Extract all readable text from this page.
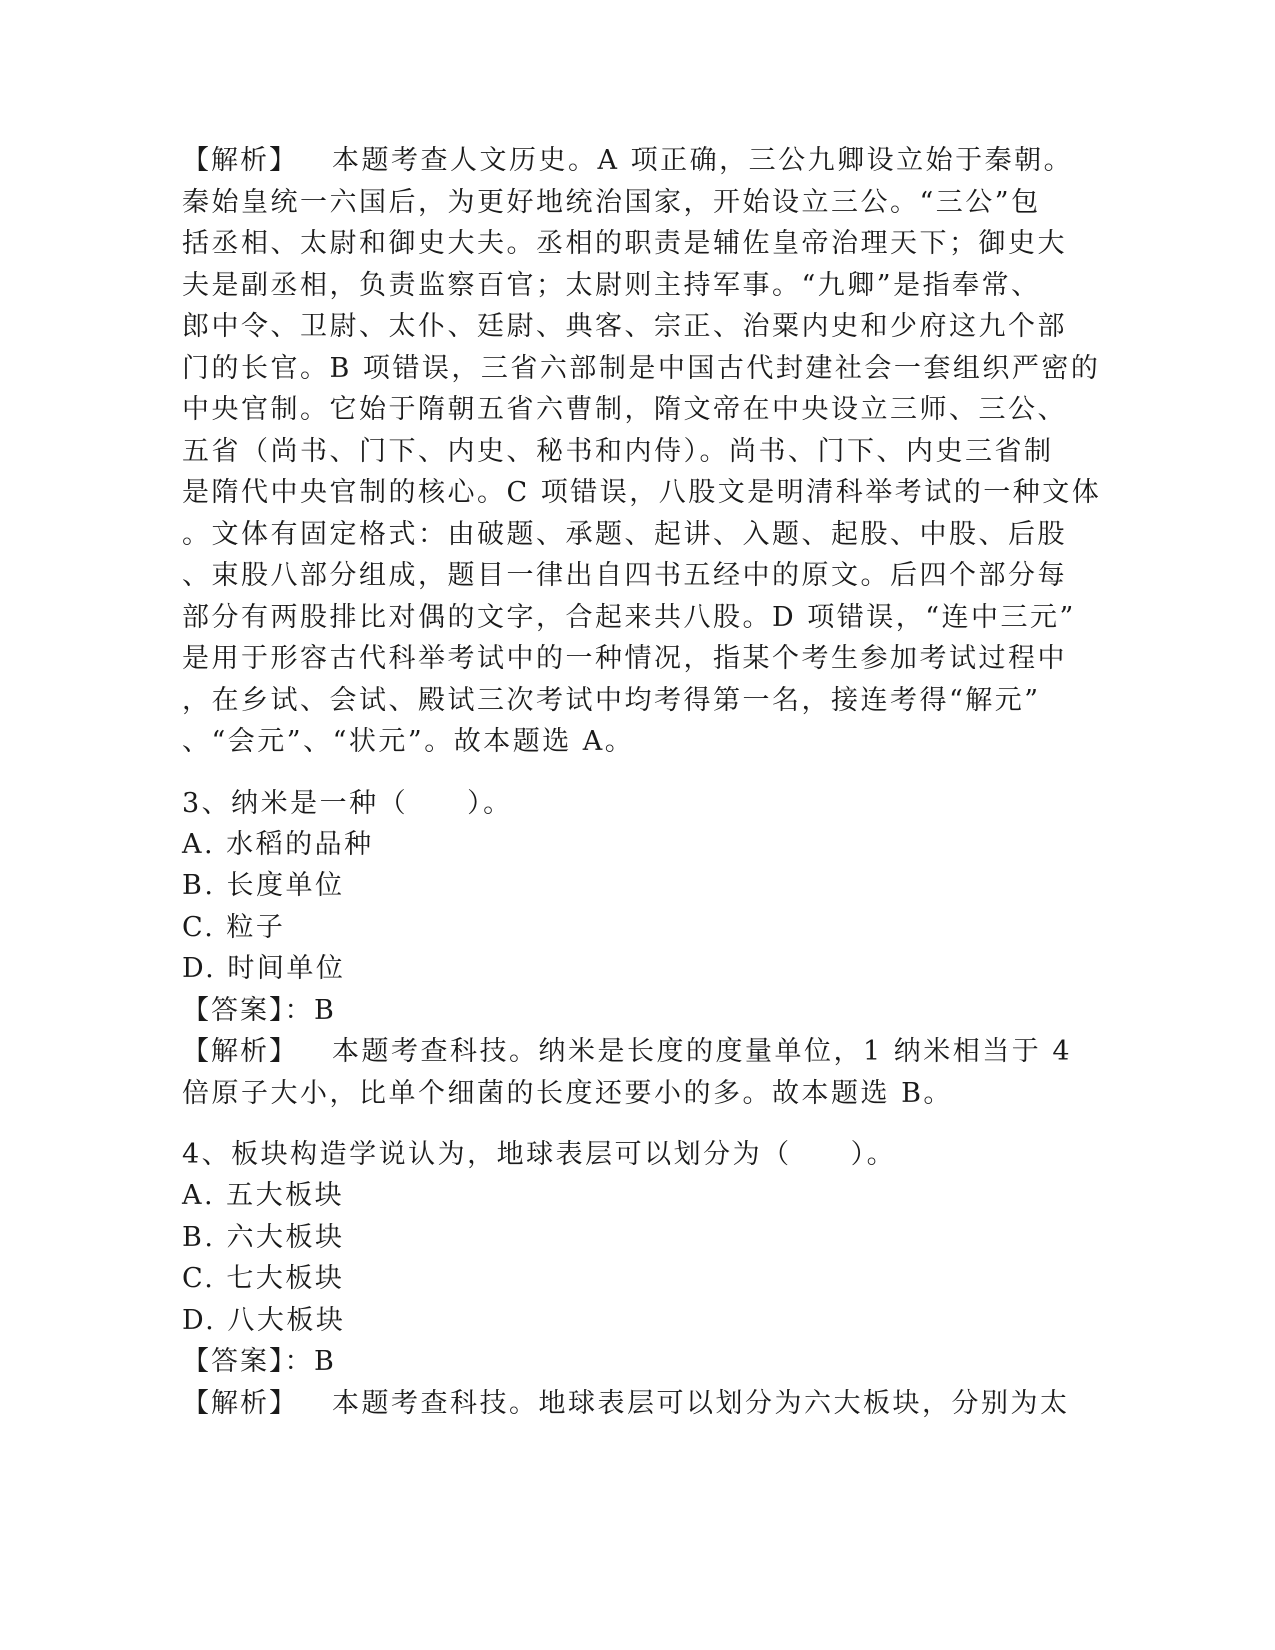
【解析】 本题考查人文历史。A 项正确，三公九卿设立始于秦朝。
秦始皇统一六国后，为更好地统治国家，开始设立三公。“三公”包
括丞相、太尉和御史大夫。丞相的职责是辅佐皇帝治理天下；御史大
夫是副丞相，负责监察百官；太尉则主持军事。“九卿”是指奉常、
郎中令、卫尉、太仆、廷尉、典客、宗正、治粟内史和少府这九个部
门的长官。B 项错误，三省六部制是中国古代封建社会一套组织严密的
中央官制。它始于隋朝五省六曹制，隋文帝在中央设立三师、三公、
五省（尚书、门下、内史、秘书和内侍）。尚书、门下、内史三省制
是隋代中央官制的核心。C 项错误，八股文是明清科举考试的一种文体
。文体有固定格式：由破题、承题、起讲、入题、起股、中股、后股
、束股八部分组成，题目一律出自四书五经中的原文。后四个部分每
部分有两股排比对偶的文字，合起来共八股。D 项错误，“连中三元”
是用于形容古代科举考试中的一种情况，指某个考生参加考试过程中
，在乡试、会试、殿试三次考试中均考得第一名，接连考得“解元”
、“会元”、“状元”。故本题选 A。
3、纳米是一种（　　）。
A. 水稻的品种
B. 长度单位
C. 粒子
D. 时间单位
【答案】：B
【解析】 本题考查科技。纳米是长度的度量单位，1 纳米相当于 4
倍原子大小，比单个细菌的长度还要小的多。故本题选 B。
4、板块构造学说认为，地球表层可以划分为（　　）。
A. 五大板块
B. 六大板块
C. 七大板块
D. 八大板块
【答案】：B
【解析】 本题考查科技。地球表层可以划分为六大板块，分别为太
